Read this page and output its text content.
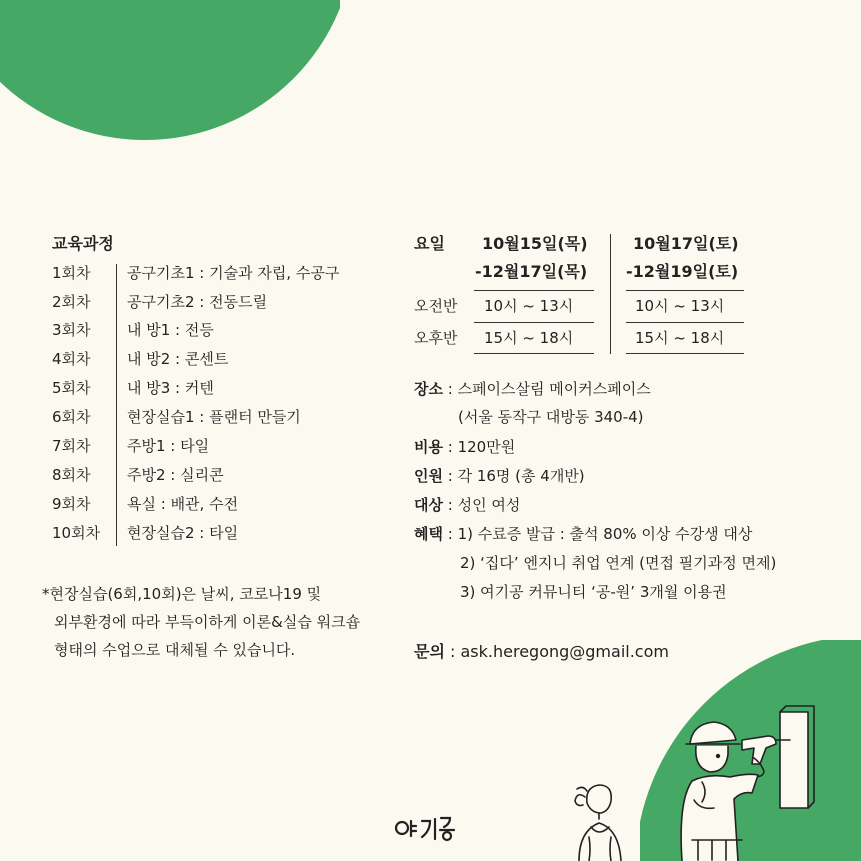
교육과정
1회차 공구기초1 : 기술과 자립, 수공구
2회차 공구기초2 : 전동드릴
3회차 내 방1 : 전등
4회차 내 방2 : 콘센트
5회차 내 방3 : 커텐
6회차 현장실습1 : 플랜터 만들기
7회차 주방1 : 타일
8회차 주방2 : 실리콘
9회차 욕실 : 배관, 수전
10회차 현장실습2 : 타일
*현장실습(6회,10회)은 날씨, 코로나19 및
외부환경에 따라 부득이하게 이론&실습 워크숍
형태의 수업으로 대체될 수 있습니다.
요일 10월15일(목)
-12월17일(목)
10월17일(토)
-12월19일(토)
오전반 10시 ~ 13시	10시 ~ 13시
오후반 15시 ~ 18시	15시 ~ 18시
장소 : 스페이스살림 메이커스페이스
(서울 동작구 대방동 340-4)
비용 : 120만원
인원 : 각 16명 (총 4개반)
대상 : 성인 여성
혜택 : 1) 수료증 발급 : 출석 80% 이상 수강생 대상
2) ‘집다’ 엔지니 취업 연계 (면접 필기과정 면제)
3) 여기공 커뮤니티 ‘공-원’ 3개월 이용권
문의 : ask.heregong@gmail.com
